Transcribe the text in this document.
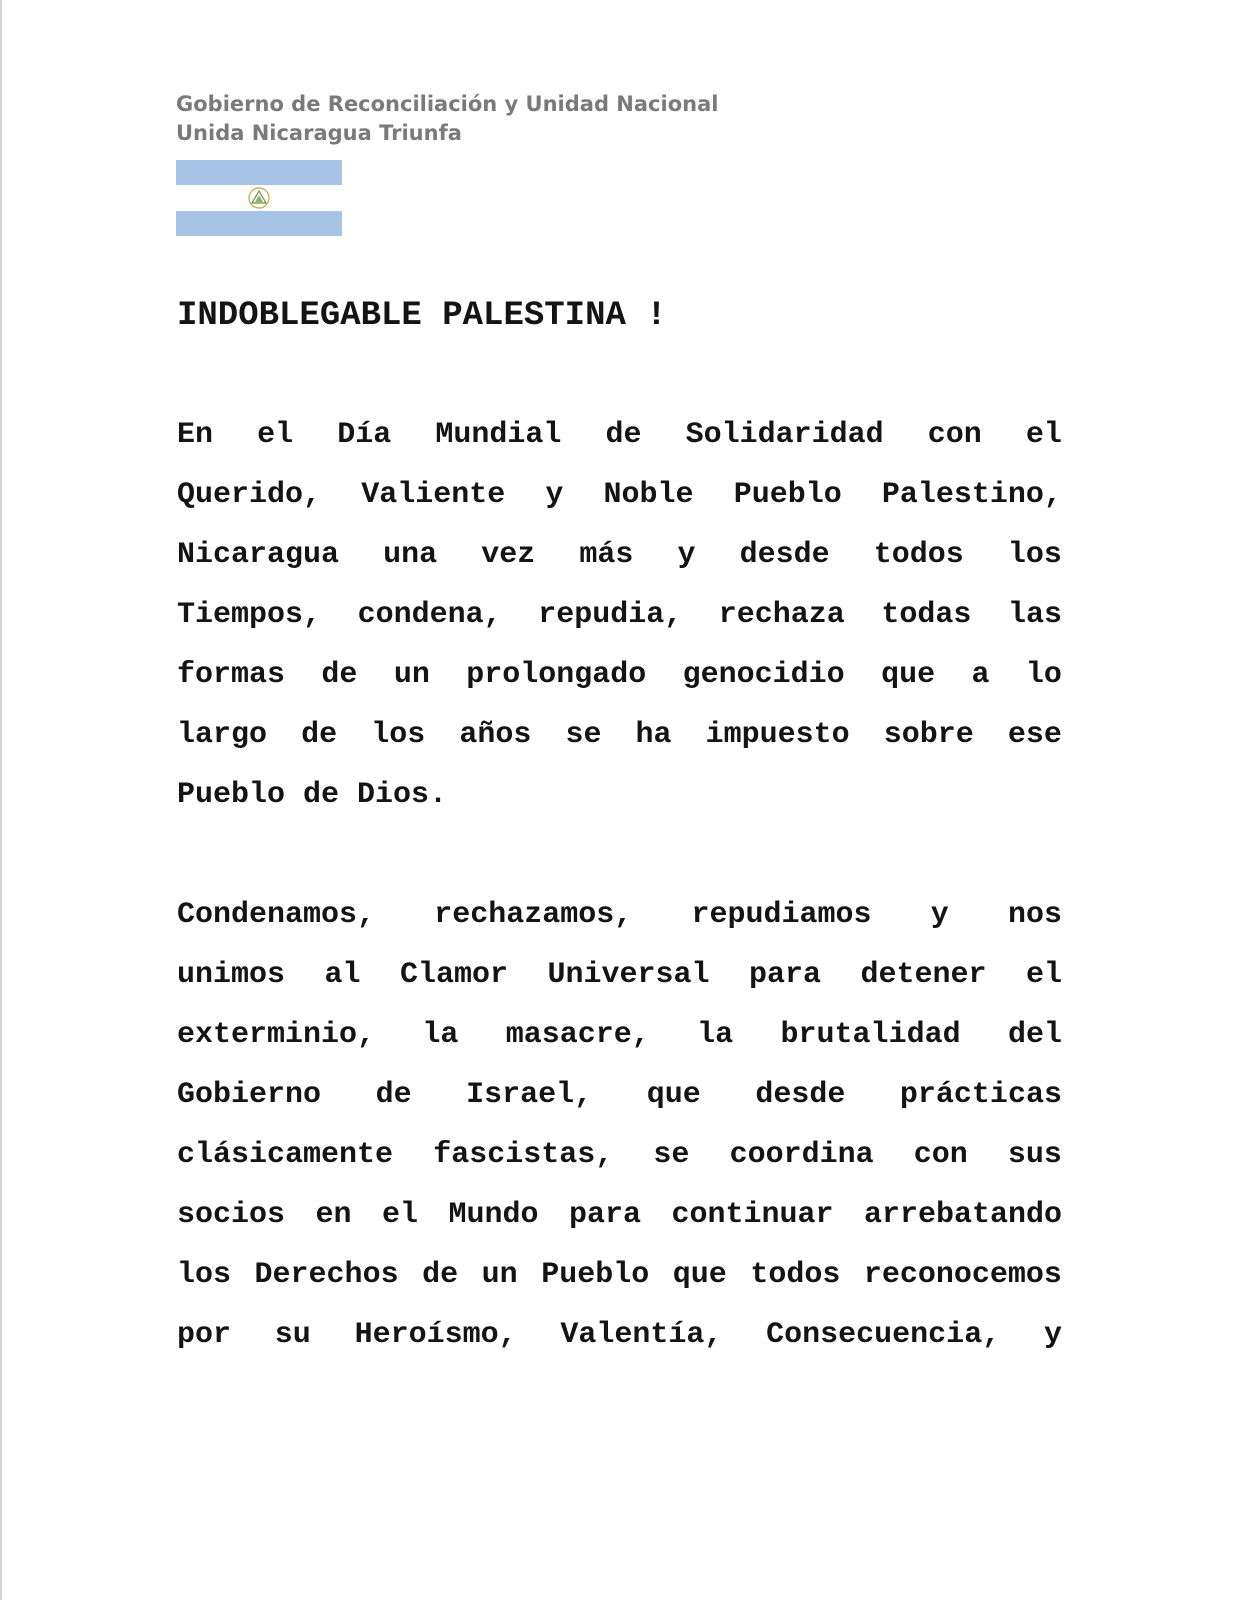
Gobierno de Reconciliación y Unidad Nacional
Unida Nicaragua Triunfa
INDOBLEGABLE PALESTINA !
En el Día Mundial de Solidaridad con el
Querido, Valiente y Noble Pueblo Palestino,
Nicaragua una vez más y desde todos los
Tiempos, condena, repudia, rechaza todas las
formas de un prolongado genocidio que a lo
largo de los años se ha impuesto sobre ese
Pueblo de Dios.
Condenamos, rechazamos, repudiamos y nos
unimos al Clamor Universal para detener el
exterminio, la masacre, la brutalidad del
Gobierno de Israel, que desde prácticas
clásicamente fascistas, se coordina con sus
socios en el Mundo para continuar arrebatando
los Derechos de un Pueblo que todos reconocemos
por su Heroísmo, Valentía, Consecuencia, y
